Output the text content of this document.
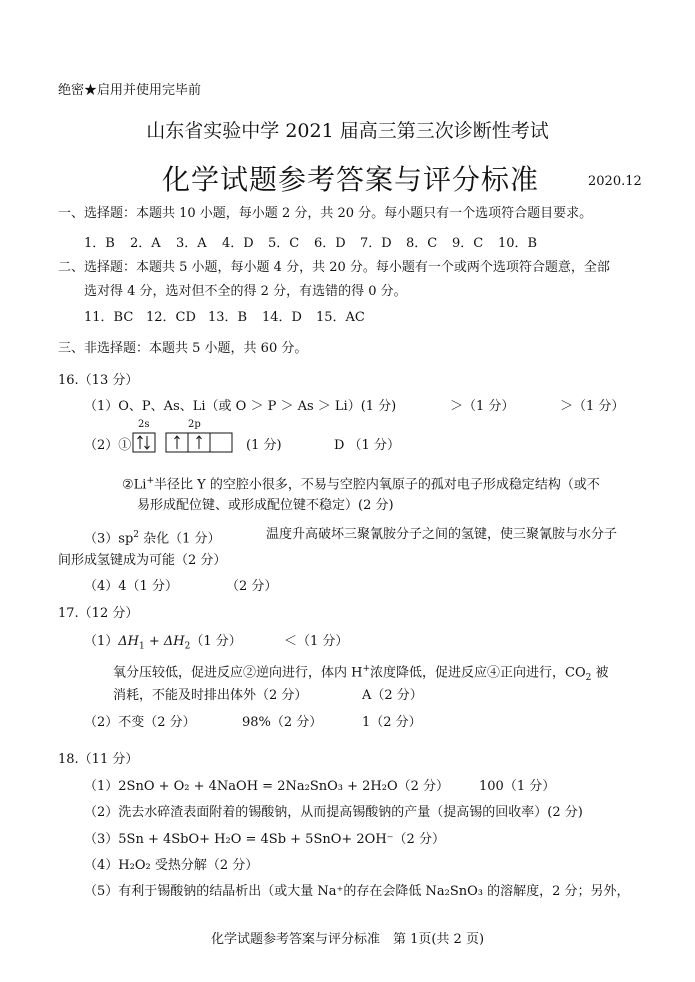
绝密★启用并使用完毕前
山东省实验中学 2021 届高三第三次诊断性考试
化学试题参考答案与评分标准	2020.12
一、选择题：本题共 10 小题，每小题 2 分，共 20 分。每小题只有一个选项符合题目要求。
1．B 2．A 3．A 4．D 5．C 6．D 7．D 8．C 9．C 10．B
二、选择题：本题共 5 小题，每小题 4 分，共 20 分。每小题有一个或两个选项符合题意，全部
选对得 4 分，选对但不全的得 2 分，有选错的得 0 分。
11．BC 12．CD 13．B 14．D 15．AC
三、非选择题：本题共 5 小题，共 60 分。
16.（13 分）
（1）O、P、As、Li（或 O ＞ P ＞ As ＞ Li）(1 分)	＞（1 分）	＞（1 分）
（2）①
2s	2p
(1 分)	D （1 分）
②Li+半径比 Y 的空腔小很多，不易与空腔内氧原子的孤对电子形成稳定结构（或不
易形成配位键、或形成配位键不稳定）(2 分)
$(3)sp^2$ 杂化（1 分）	温度升高破坏三聚氰胺分子之间的氢键，使三聚氰胺与水分子
间形成氢键成为可能（2 分）
（4）4（1 分）	（2 分）
17.（12 分）
$(1)\Delta H_1 + \Delta H_2(1$ 分）	＜（1 分）
氧分压较低，促进反应②逆向进行，体内 H+浓度降低，促进反应④正向进行，$CO_2$ 被
消耗，不能及时排出体外（2 分）	A（2 分）
（2）不变（2 分）	98%（2 分）	1（2 分）
18.（11 分）
（1）2SnO + O₂ + 4NaOH = 2Na₂SnO₃ + 2H₂O（2 分） 100（1 分）
（2）洗去水碎渣表面附着的锡酸钠，从而提高锡酸钠的产量（提高锡的回收率）(2 分)
（3）5Sn + 4SbO+ H₂O = 4Sb + 5SnO+ 2OH⁻（2 分）
（4）H₂O₂ 受热分解（2 分）
（5）有利于锡酸钠的结晶析出（或大量 Na⁺的存在会降低 Na₂SnO₃ 的溶解度，2 分；另外，
化学试题参考答案与评分标准　第 1页(共 2 页)
